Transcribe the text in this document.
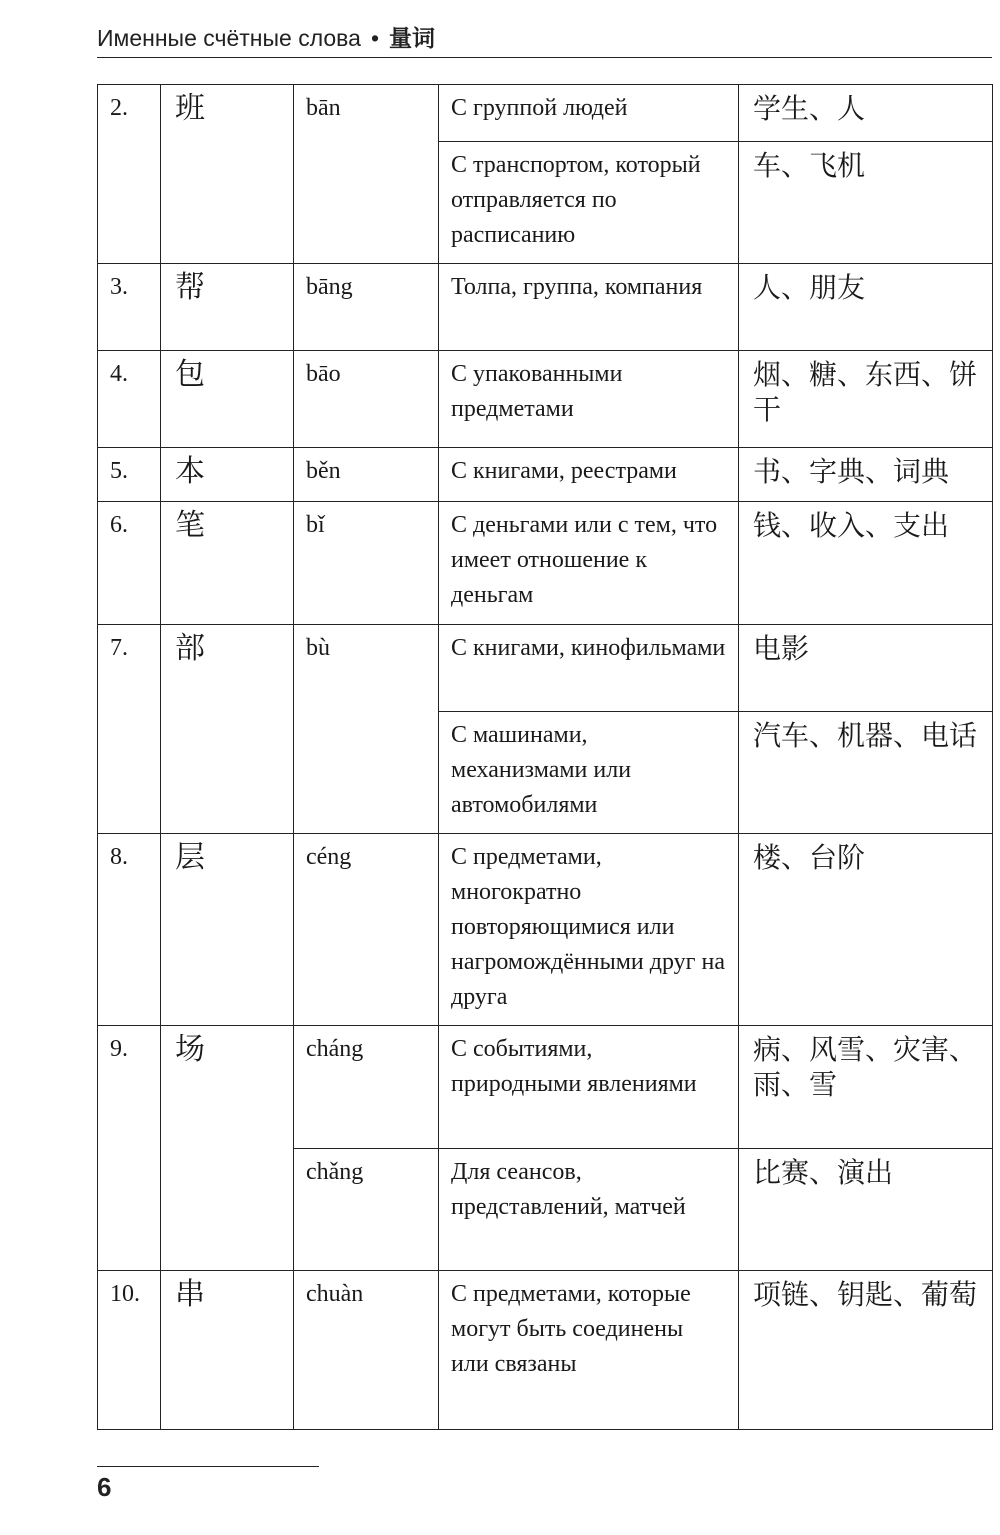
Именные счётные слова • 量词
2.	班	bān	С группой людей	学生、人
			С транспортом, который отправляется по расписанию	车、飞机
3.	帮	bāng	Толпа, группа, компания	人、朋友
4.	包	bāo	С упакованными предметами	烟、糖、东西、饼干
5.	本	běn	С книгами, реестрами	书、字典、词典
6.	笔	bǐ	С деньгами или с тем, что имеет отношение к деньгам	钱、收入、支出
7.	部	bù	С книгами, кинофильмами	电影
			С машинами, механизмами или автомобилями	汽车、机器、电话
8.	层	céng	С предметами, многократно повторяющимися или нагромождёнными друг на друга	楼、台阶
9.	场	cháng	С событиями, природными явлениями	病、风雪、灾害、雨、雪
		chǎng	Для сеансов, представлений, матчей	比赛、演出
10.	串	chuàn	С предметами, которые могут быть соединены или связаны	项链、钥匙、葡萄
6
